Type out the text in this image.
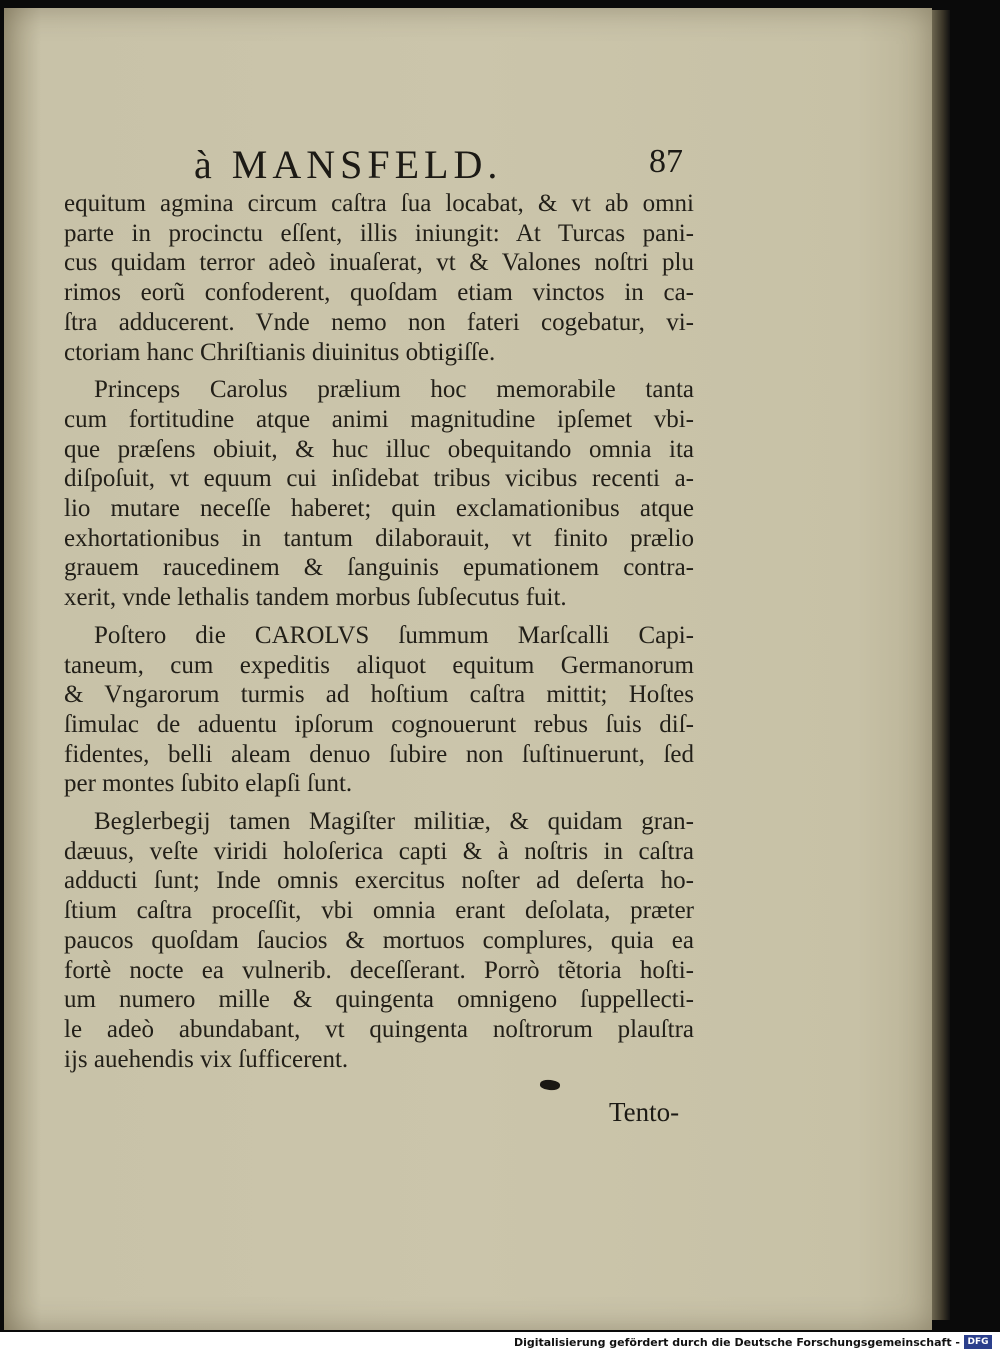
à MANSFELD.	87

equitum agmina circum caſtra ſua locabat, & vt ab omni
parte in procinctu eſſent, illis iniungit: At Turcas pani-
cus quidam terror adeò inuaſerat, vt & Valones noſtri plu
rimos eorũ confoderent, quoſdam etiam vinctos in ca-
ſtra adducerent. Vnde nemo non fateri cogebatur, vi-
ctoriam hanc Chriſtianis diuinitus obtigiſſe.

Princeps Carolus prælium hoc memorabile tanta
cum fortitudine atque animi magnitudine ipſemet vbi-
que præſens obiuit, & huc illuc obequitando omnia ita
diſpoſuit, vt equum cui inſidebat tribus vicibus recenti a-
lio mutare neceſſe haberet; quin exclamationibus atque
exhortationibus in tantum dilaborauit, vt finito prælio
grauem raucedinem & ſanguinis epumationem contra-
xerit, vnde lethalis tandem morbus ſubſecutus fuit.

Poſtero die CAROLVS ſummum Marſcalli Capi-
taneum, cum expeditis aliquot equitum Germanorum
& Vngarorum turmis ad hoſtium caſtra mittit; Hoſtes
ſimulac de aduentu ipſorum cognouerunt rebus ſuis diſ-
fidentes, belli aleam denuo ſubire non ſuſtinuerunt, ſed
per montes ſubito elapſi ſunt.

Beglerbegij tamen Magiſter militiæ, & quidam gran-
dæuus, veſte viridi holoſerica capti & à noſtris in caſtra
adducti ſunt; Inde omnis exercitus noſter ad deſerta ho-
ſtium caſtra proceſſit, vbi omnia erant deſolata, præter
paucos quoſdam ſaucios & mortuos complures, quia ea
fortè nocte ea vulnerib. deceſſerant. Porrò tẽtoria hoſti-
um numero mille & quingenta omnigeno ſuppellecti-
le adeò abundabant, vt quingenta noſtrorum plauſtra
ijs auehendis vix ſufficerent.

Tento-
Digitalisierung gefördert durch die Deutsche Forschungsgemeinschaft - DFG
